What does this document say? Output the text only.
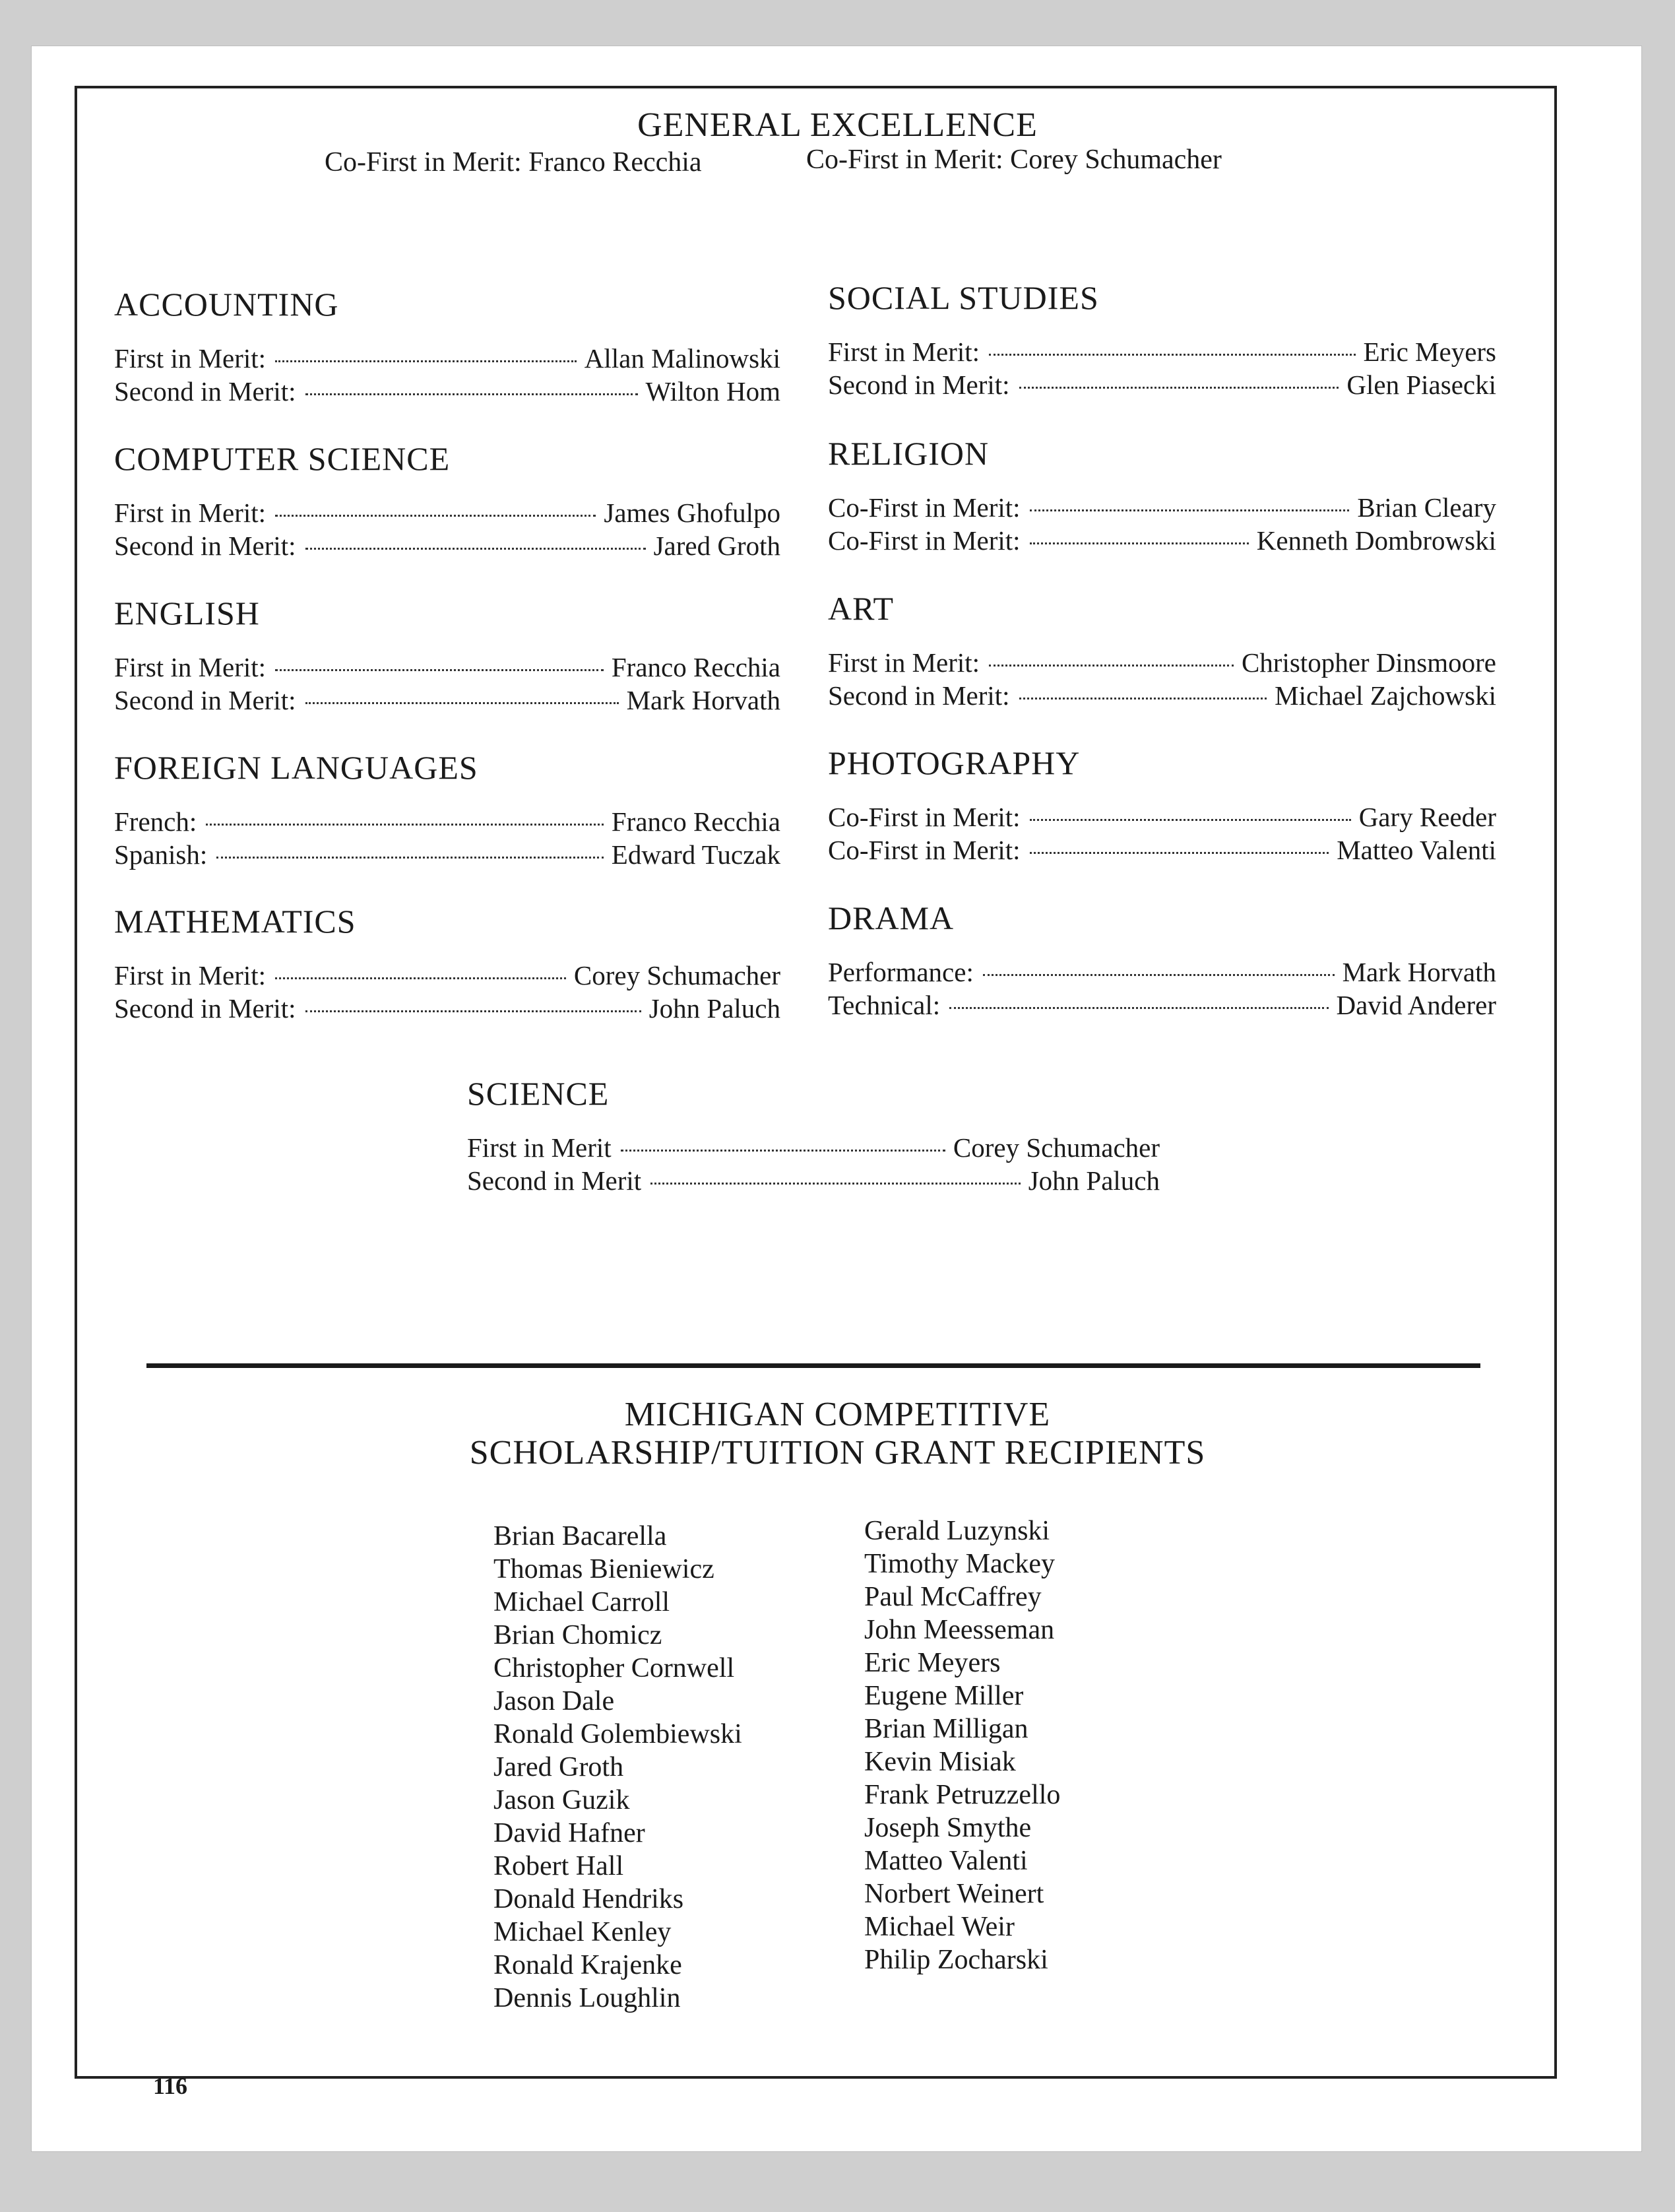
GENERAL EXCELLENCE
Co-First in Merit: Franco Recchia	Co-First in Merit: Corey Schumacher
ACCOUNTING
First in Merit:	Allan Malinowski
Second in Merit:	Wilton Hom
COMPUTER SCIENCE
First in Merit:	James Ghofulpo
Second in Merit:	Jared Groth
ENGLISH
First in Merit:	Franco Recchia
Second in Merit:	Mark Horvath
FOREIGN LANGUAGES
French:	Franco Recchia
Spanish:	Edward Tuczak
MATHEMATICS
First in Merit:	Corey Schumacher
Second in Merit:	John Paluch
SOCIAL STUDIES
First in Merit:	Eric Meyers
Second in Merit:	Glen Piasecki
RELIGION
Co-First in Merit:	Brian Cleary
Co-First in Merit:	Kenneth Dombrowski
ART
First in Merit:	Christopher Dinsmoore
Second in Merit:	Michael Zajchowski
PHOTOGRAPHY
Co-First in Merit:	Gary Reeder
Co-First in Merit:	Matteo Valenti
DRAMA
Performance:	Mark Horvath
Technical:	David Anderer
SCIENCE
First in Merit	Corey Schumacher
Second in Merit	John Paluch
MICHIGAN COMPETITIVE
SCHOLARSHIP/TUITION GRANT RECIPIENTS
Brian Bacarella
Thomas Bieniewicz
Michael Carroll
Brian Chomicz
Christopher Cornwell
Jason Dale
Ronald Golembiewski
Jared Groth
Jason Guzik
David Hafner
Robert Hall
Donald Hendriks
Michael Kenley
Ronald Krajenke
Dennis Loughlin
Gerald Luzynski
Timothy Mackey
Paul McCaffrey
John Meesseman
Eric Meyers
Eugene Miller
Brian Milligan
Kevin Misiak
Frank Petruzzello
Joseph Smythe
Matteo Valenti
Norbert Weinert
Michael Weir
Philip Zocharski
116
